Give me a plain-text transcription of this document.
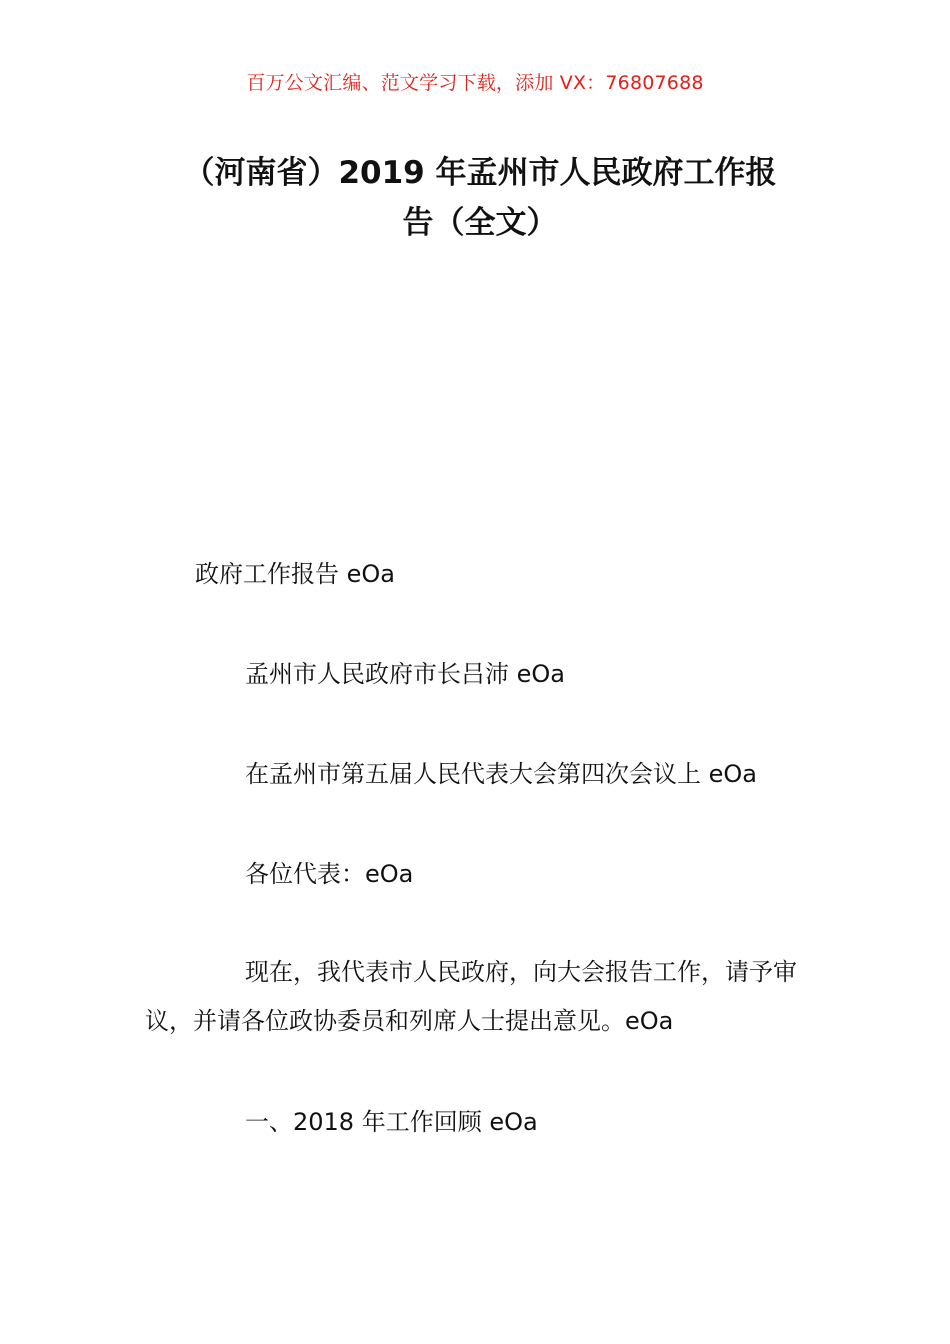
百万公文汇编、范文学习下载，添加 VX：76807688
（河南省）2019 年孟州市人民政府工作报
告（全文）
政府工作报告 eOa
孟州市人民政府市长吕沛 eOa
在孟州市第五届人民代表大会第四次会议上 eOa
各位代表：eOa
现在，我代表市人民政府，向大会报告工作，请予审议，并请各位政协委员和列席人士提出意见。eOa
一、2018 年工作回顾 eOa
